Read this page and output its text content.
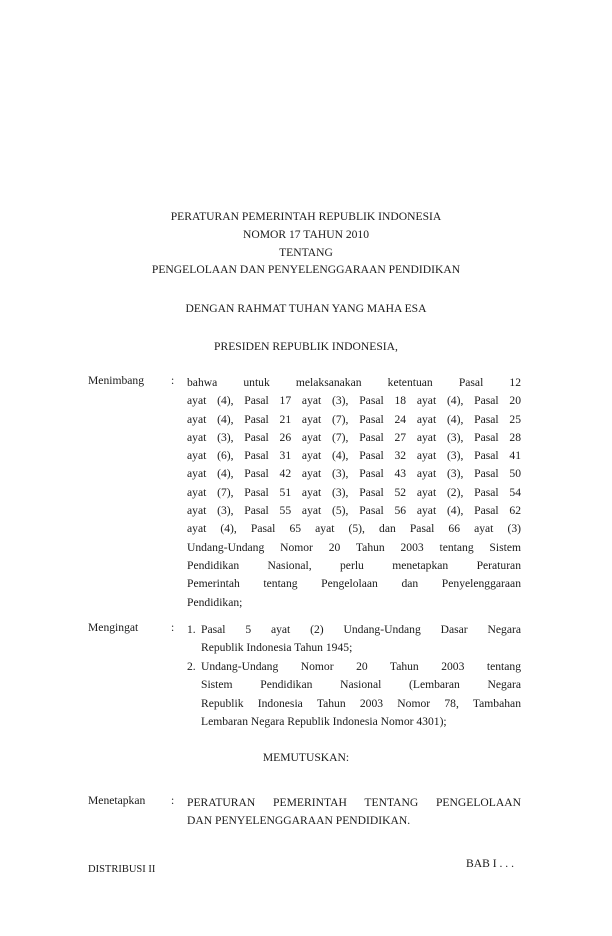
PERATURAN PEMERINTAH REPUBLIK INDONESIA
NOMOR 17 TAHUN 2010
TENTANG
PENGELOLAAN DAN PENYELENGGARAAN PENDIDIKAN
DENGAN RAHMAT TUHAN YANG MAHA ESA
PRESIDEN REPUBLIK INDONESIA,
Menimbang : bahwa untuk melaksanakan ketentuan Pasal 12
ayat (4), Pasal 17 ayat (3), Pasal 18 ayat (4), Pasal 20
ayat (4), Pasal 21 ayat (7), Pasal 24 ayat (4), Pasal 25
ayat (3), Pasal 26 ayat (7), Pasal 27 ayat (3), Pasal 28
ayat (6), Pasal 31 ayat (4), Pasal 32 ayat (3), Pasal 41
ayat (4), Pasal 42 ayat (3), Pasal 43 ayat (3), Pasal 50
ayat (7), Pasal 51 ayat (3), Pasal 52 ayat (2), Pasal 54
ayat (3), Pasal 55 ayat (5), Pasal 56 ayat (4), Pasal 62
ayat (4), Pasal 65 ayat (5), dan Pasal 66 ayat (3)
Undang-Undang Nomor 20 Tahun 2003 tentang Sistem
Pendidikan Nasional, perlu menetapkan Peraturan
Pemerintah tentang Pengelolaan dan Penyelenggaraan
Pendidikan;
Mengingat	: 1. Pasal 5 ayat (2) Undang-Undang Dasar Negara
Republik Indonesia Tahun 1945;
2. Undang-Undang Nomor 20 Tahun 2003 tentang
Sistem Pendidikan Nasional (Lembaran Negara
Republik Indonesia Tahun 2003 Nomor 78, Tambahan
Lembaran Negara Republik Indonesia Nomor 4301);
MEMUTUSKAN:
Menetapkan : PERATURAN PEMERINTAH TENTANG PENGELOLAAN
DAN PENYELENGGARAAN PENDIDIKAN.
BAB I . . .
DISTRIBUSI II
